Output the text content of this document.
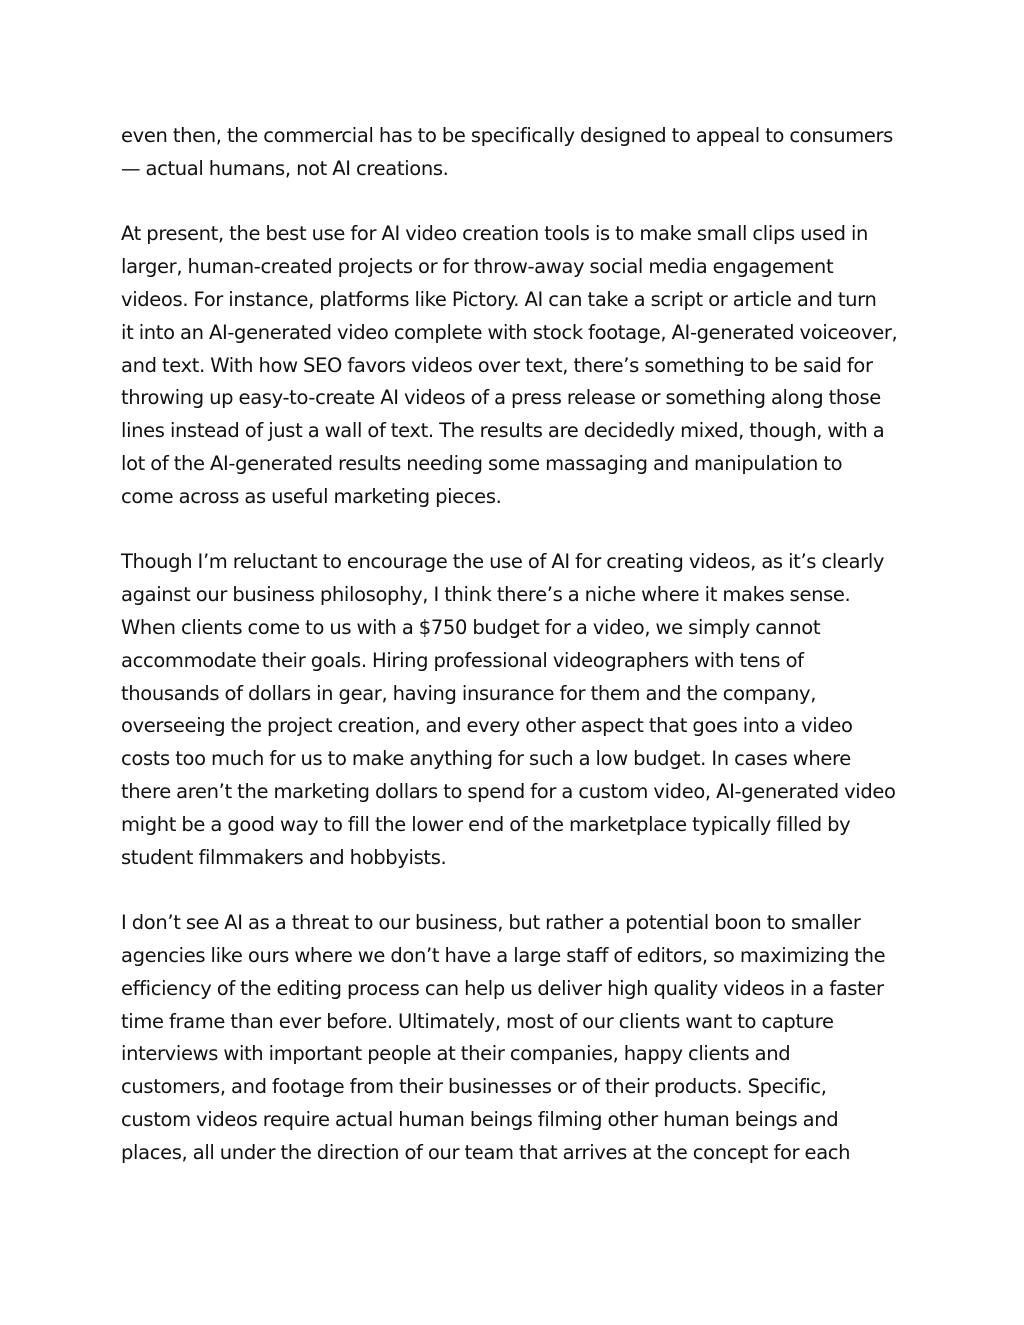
even then, the commercial has to be specifically designed to appeal to consumers
— actual humans, not AI creations.

At present, the best use for AI video creation tools is to make small clips used in
larger, human-created projects or for throw-away social media engagement
videos. For instance, platforms like Pictory. AI can take a script or article and turn
it into an AI-generated video complete with stock footage, AI-generated voiceover,
and text. With how SEO favors videos over text, there’s something to be said for
throwing up easy-to-create AI videos of a press release or something along those
lines instead of just a wall of text. The results are decidedly mixed, though, with a
lot of the AI-generated results needing some massaging and manipulation to
come across as useful marketing pieces.

Though I’m reluctant to encourage the use of AI for creating videos, as it’s clearly
against our business philosophy, I think there’s a niche where it makes sense.
When clients come to us with a $750 budget for a video, we simply cannot
accommodate their goals. Hiring professional videographers with tens of
thousands of dollars in gear, having insurance for them and the company,
overseeing the project creation, and every other aspect that goes into a video
costs too much for us to make anything for such a low budget. In cases where
there aren’t the marketing dollars to spend for a custom video, AI-generated video
might be a good way to fill the lower end of the marketplace typically filled by
student filmmakers and hobbyists.

I don’t see AI as a threat to our business, but rather a potential boon to smaller
agencies like ours where we don’t have a large staff of editors, so maximizing the
efficiency of the editing process can help us deliver high quality videos in a faster
time frame than ever before. Ultimately, most of our clients want to capture
interviews with important people at their companies, happy clients and
customers, and footage from their businesses or of their products. Specific,
custom videos require actual human beings filming other human beings and
places, all under the direction of our team that arrives at the concept for each
